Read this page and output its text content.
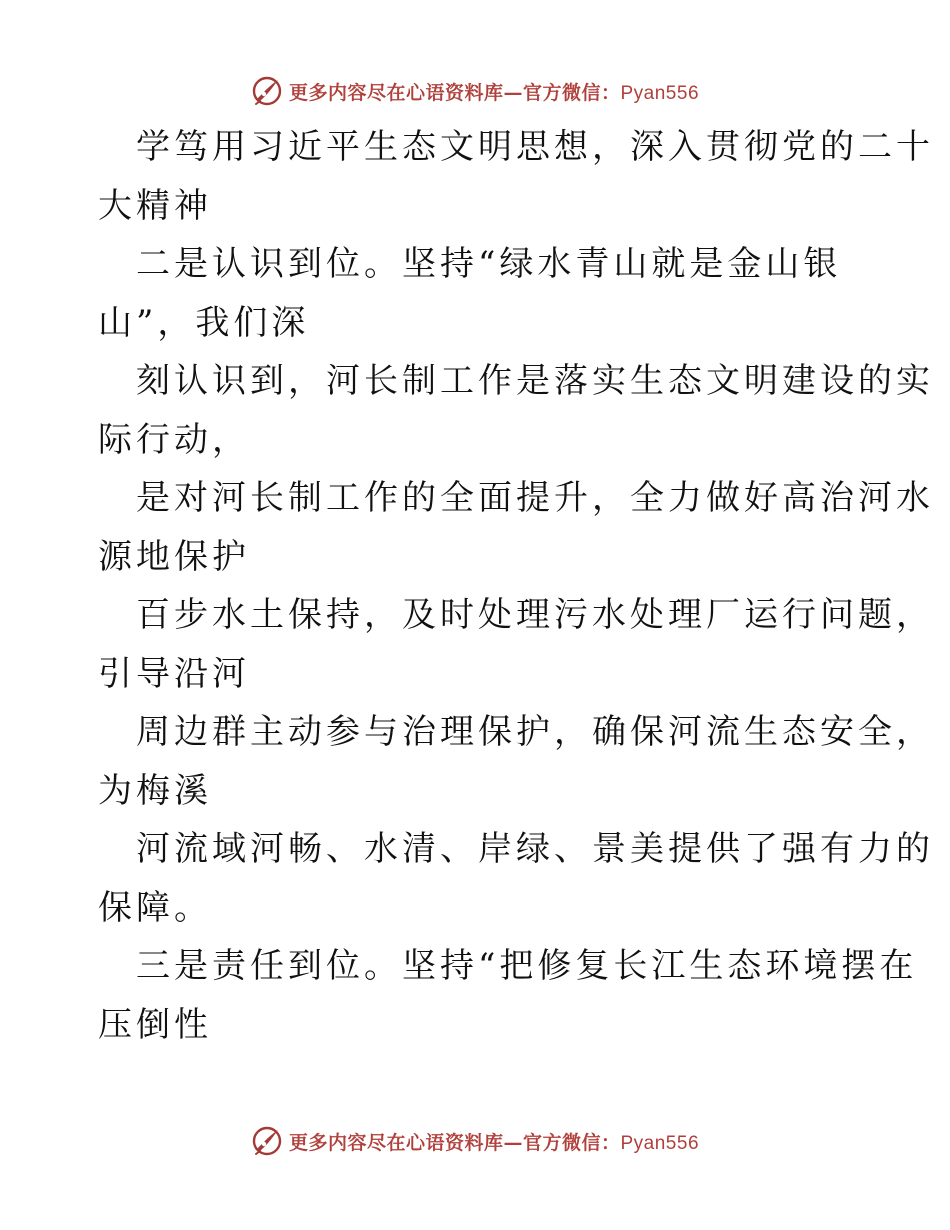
更多内容尽在心语资料库—官方微信：Pyan556
学笃用习近平生态文明思想，深入贯彻党的二十
大精神
二是认识到位。坚持“绿水青山就是金山银
山”，我们深
刻认识到，河长制工作是落实生态文明建设的实
际行动，
是对河长制工作的全面提升，全力做好高治河水
源地保护
百步水土保持，及时处理污水处理厂运行问题，
引导沿河
周边群主动参与治理保护，确保河流生态安全，
为梅溪
河流域河畅、水清、岸绿、景美提供了强有力的
保障。
三是责任到位。坚持“把修复长江生态环境摆在
压倒性
更多内容尽在心语资料库—官方微信：Pyan556
